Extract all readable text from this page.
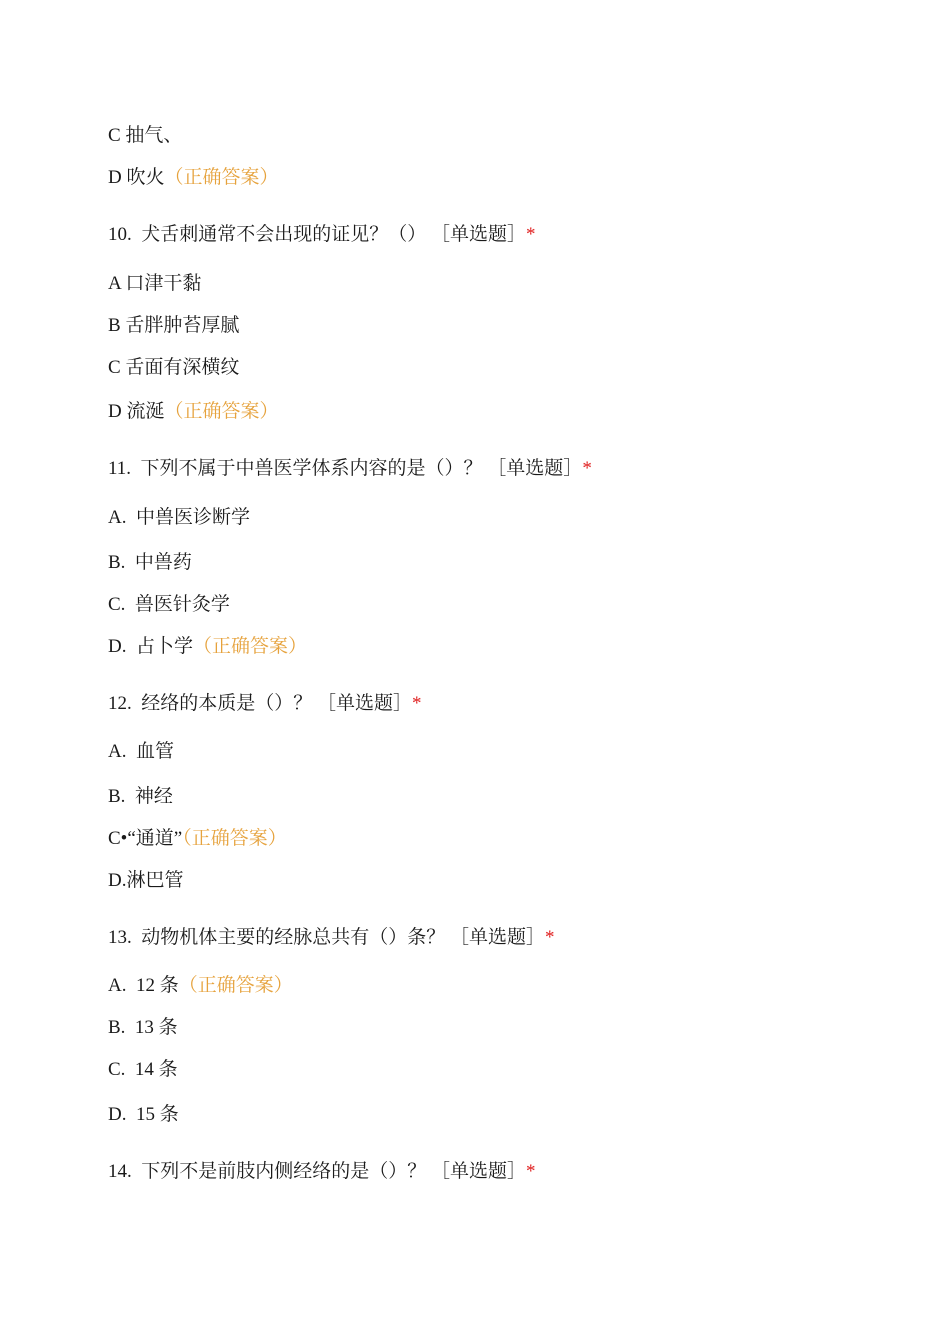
C 抽气、
D 吹火（正确答案）
10.  犬舌刺通常不会出现的证见？（） ［单选题］*
A 口津干黏
B 舌胖肿苔厚腻
C 舌面有深横纹
D 流涎（正确答案）
11.  下列不属于中兽医学体系内容的是（）？ ［单选题］*
A.  中兽医诊断学
B.  中兽药
C.  兽医针灸学
D.  占卜学（正确答案）
12.  经络的本质是（）？ ［单选题］*
A.  血管
B.  神经
C•“通道”（正确答案）
D.淋巴管
13.  动物机体主要的经脉总共有（）条？ ［单选题］*
A.  12 条（正确答案）
B.  13 条
C.  14 条
D.  15 条
14.  下列不是前肢内侧经络的是（）？ ［单选题］*
